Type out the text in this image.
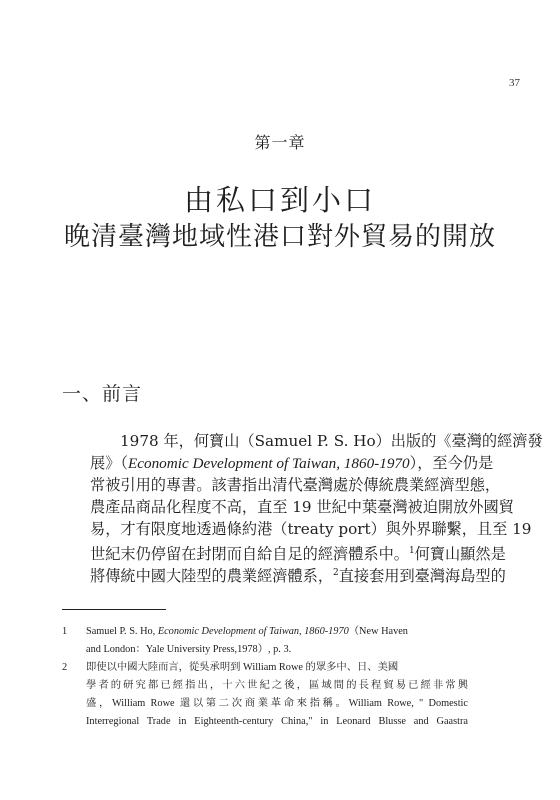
37
第一章
由私口到小口
晚清臺灣地域性港口對外貿易的開放
一、前言
1978 年，何寶山（Samuel P. S. Ho）出版的《臺灣的經濟發
展》（Economic Development of Taiwan, 1860-1970），至今仍是
常被引用的專書。該書指出清代臺灣處於傳統農業經濟型態，
農產品商品化程度不高，直至 19 世紀中葉臺灣被迫開放外國貿
易，才有限度地透過條約港（treaty port）與外界聯繫，且至 19
世紀末仍停留在封閉而自給自足的經濟體系中。$^1$何寶山顯然是
將傳統中國大陸型的農業經濟體系，$^2$直接套用到臺灣海島型的
1 Samuel P. S. Ho, Economic Development of Taiwan, 1860-1970（New Haven
and London：Yale University Press,1978）, p. 3.
2 即使以中國大陸而言，從吳承明到 William Rowe 的眾多中、日、美國
學者的研究都已經指出，十六世紀之後，區域間的長程貿易已經非常興
盛，William Rowe 還以第二次商業革命來指稱。William Rowe, " Domestic
Interregional Trade in Eighteenth-century China," in Leonard Blusse and Gaastra
